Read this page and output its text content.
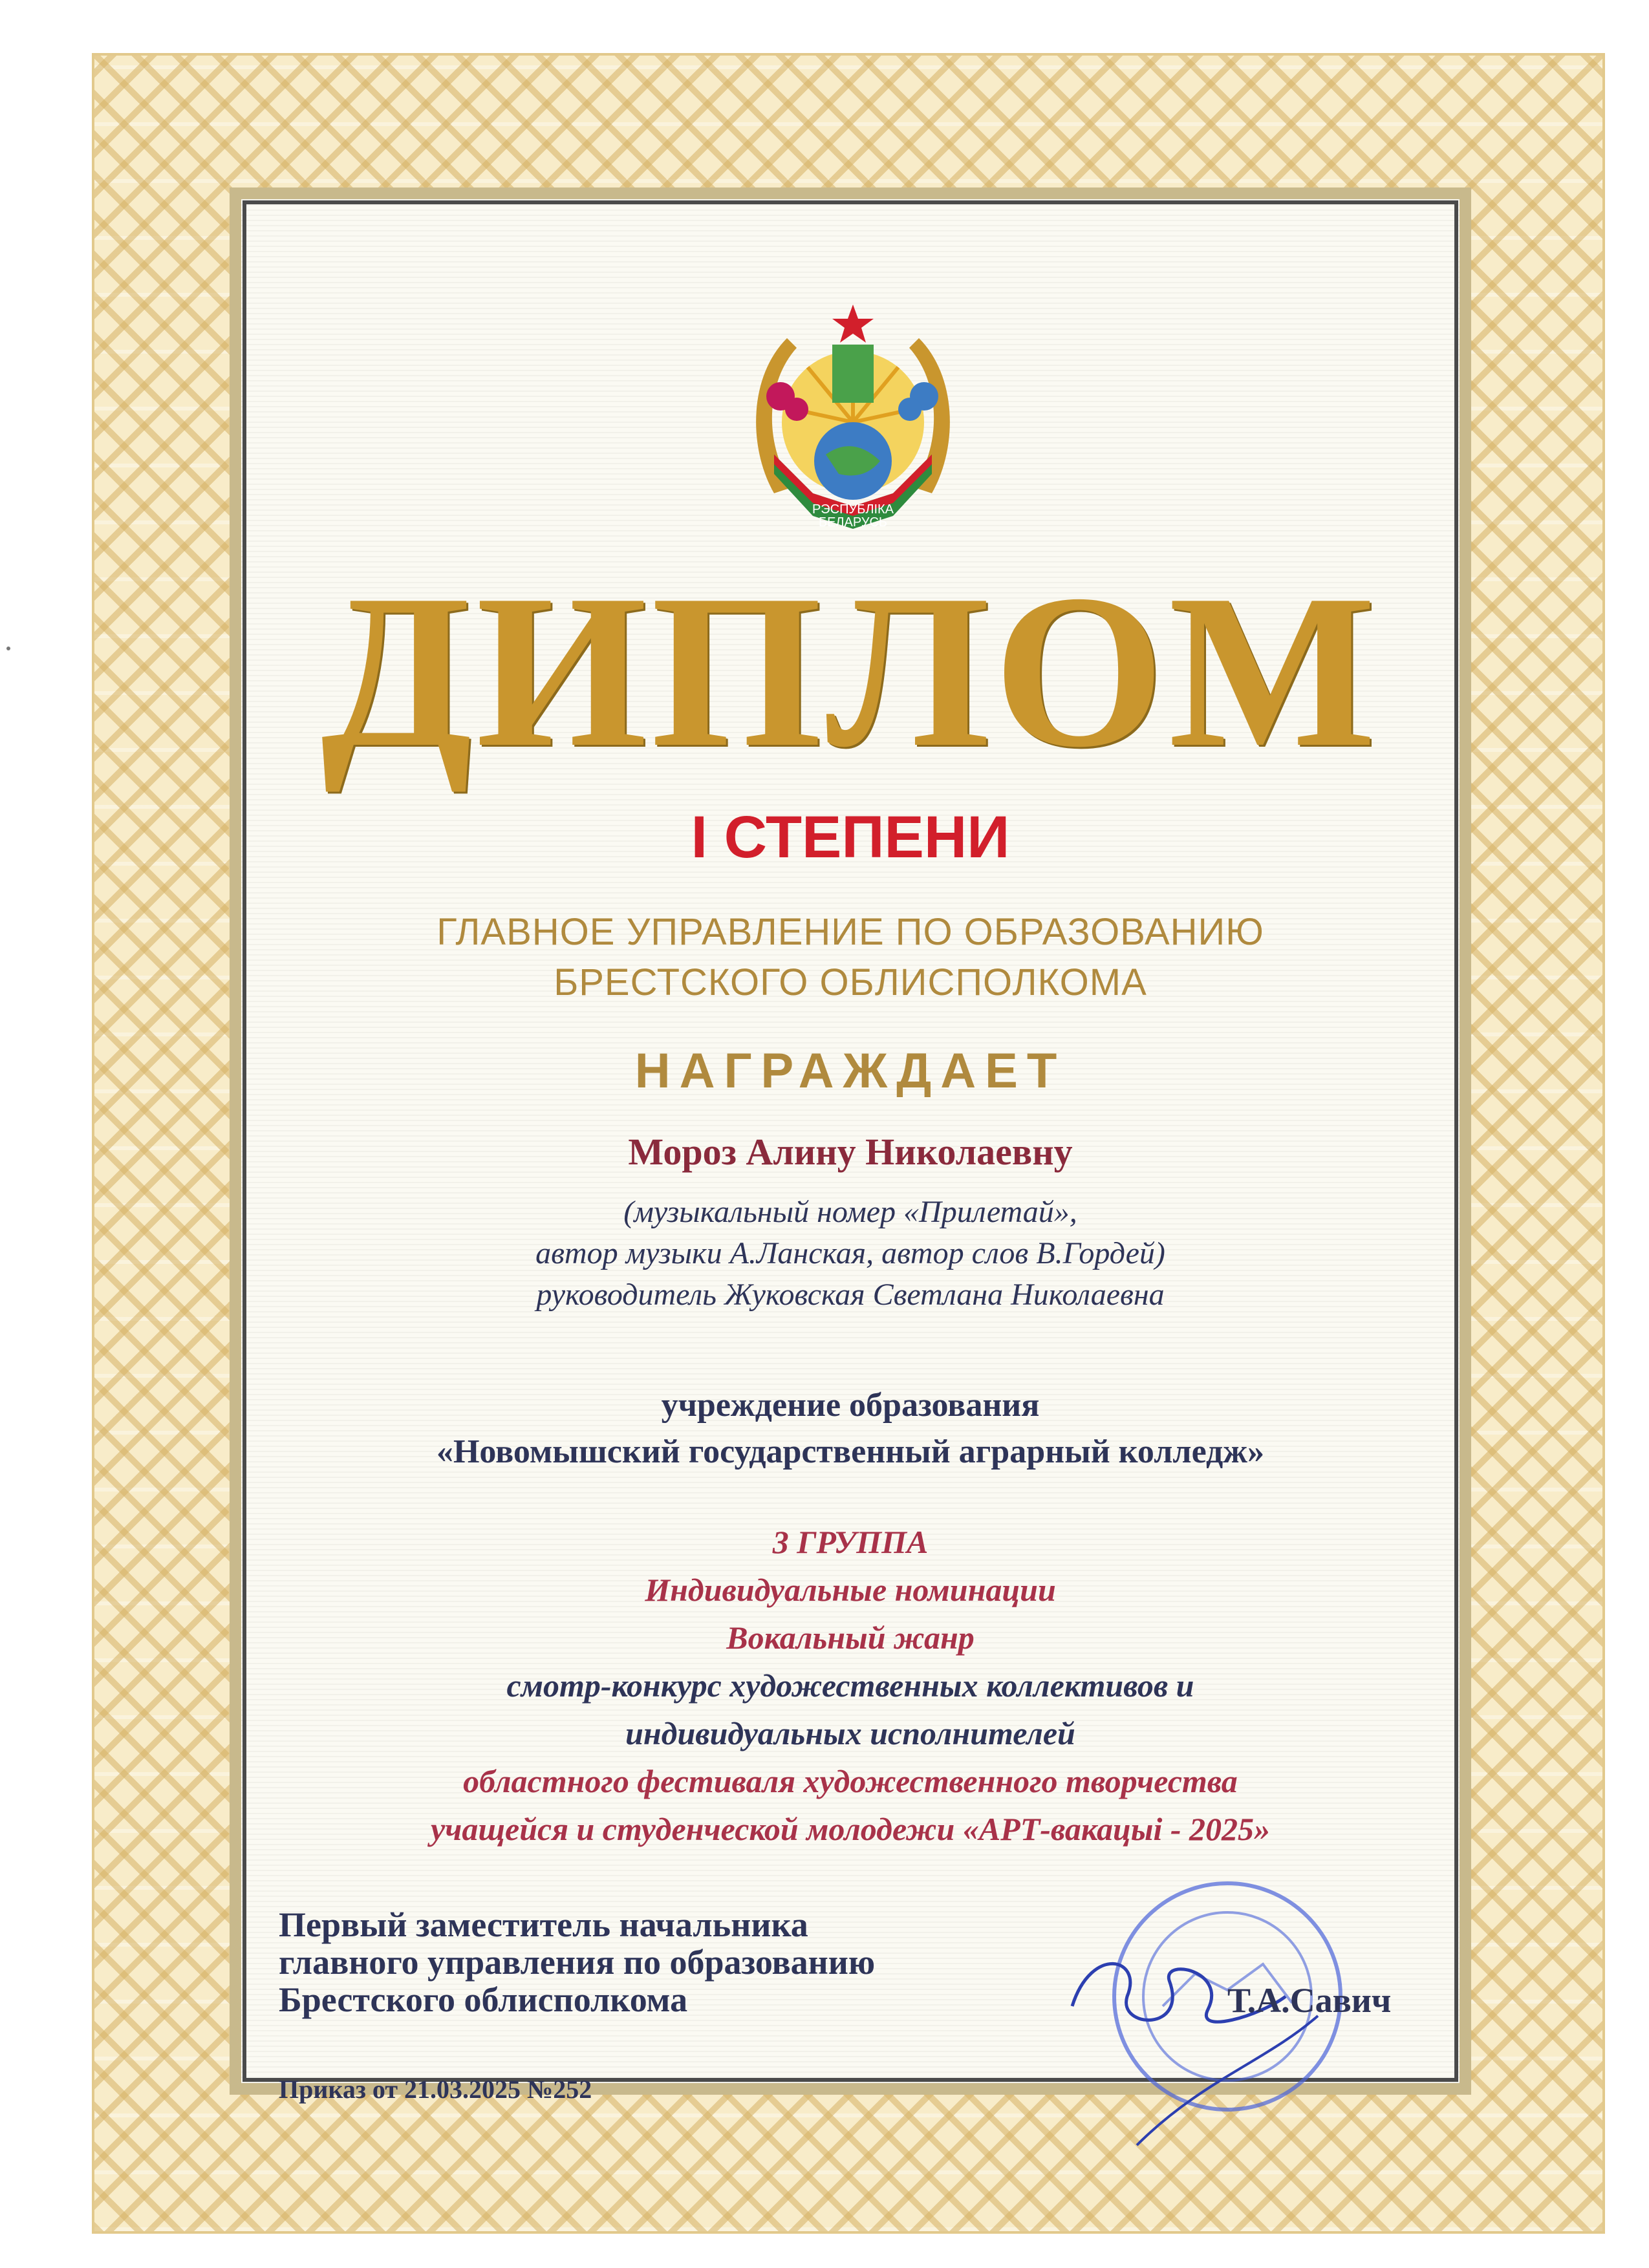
РЭСПУБЛІКА
БЕЛАРУСЬ
ДИПЛОМ
I СТЕПЕНИ
ГЛАВНОЕ УПРАВЛЕНИЕ ПО ОБРАЗОВАНИЮ
БРЕСТСКОГО ОБЛИСПОЛКОМА
НАГРАЖДАЕТ
Мороз Алину Николаевну
(музыкальный номер «Прилетай»,
автор музыки А.Ланская, автор слов В.Гордей)
руководитель Жуковская Светлана Николаевна
учреждение образования
«Новомышский государственный аграрный колледж»
3 ГРУППА
Индивидуальные номинации
Вокальный жанр
смотр-конкурс художественных коллективов и
индивидуальных исполнителей
областного фестиваля художественного творчества
учащейся и студенческой молодежи «АРТ-вакацыі - 2025»
Первый заместитель начальника
главного управления по образованию
Брестского облисполкома	Т.А.Савич
Приказ от 21.03.2025 №252
